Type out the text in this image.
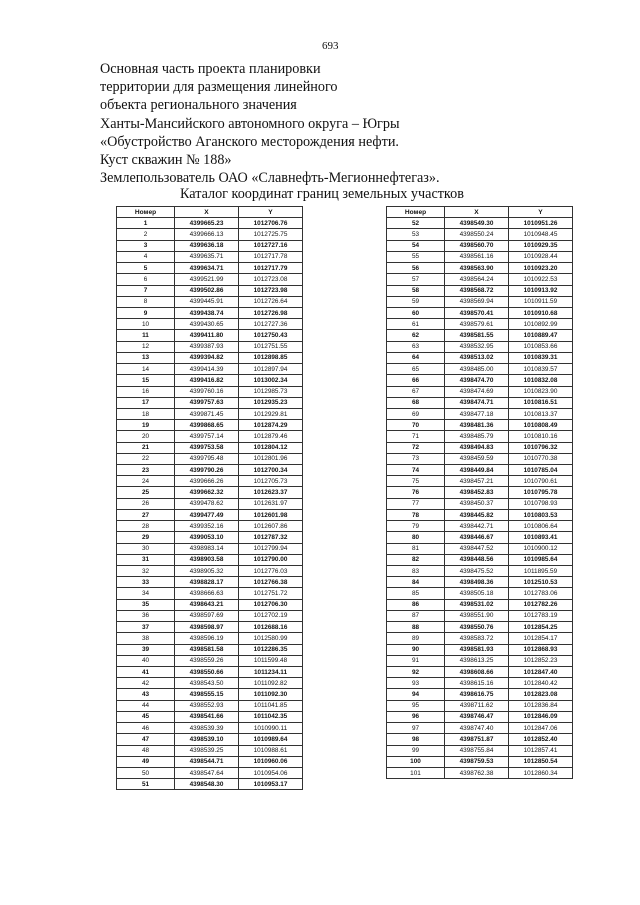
693
Основная часть проекта планировки
территории для размещения линейного
объекта регионального значения
Ханты-Мансийского автономного округа – Югры
«Обустройство Аганского месторождения нефти.
Куст скважин № 188»
Землепользователь ОАО «Славнефть-Мегионнефтегаз».
Каталог координат границ земельных участков
Номер	X	Y
1	4399665.23	1012706.76
2	4399666.13	1012725.75
3	4399636.18	1012727.16
4	4399635.71	1012717.78
5	4399634.71	1012717.79
6	4399521.99	1012723.08
7	4399502.86	1012723.98
8	4399445.91	1012726.64
9	4399438.74	1012726.98
10	4399430.65	1012727.36
11	4399411.80	1012750.43
12	4399387.93	1012751.55
13	4399394.82	1012898.85
14	4399414.39	1012897.94
15	4399416.82	1013002.34
16	4399760.16	1012985.73
17	4399757.63	1012935.23
18	4399871.45	1012929.81
19	4399868.65	1012874.29
20	4399757.14	1012879.46
21	4399753.58	1012804.12
22	4399795.48	1012801.96
23	4399790.26	1012700.34
24	4399666.26	1012705.73
25	4399662.32	1012623.37
26	4399478.62	1012631.97
27	4399477.49	1012601.98
28	4399352.16	1012607.86
29	4399053.10	1012787.32
30	4398983.14	1012799.94
31	4398903.58	1012790.00
32	4398905.32	1012776.03
33	4398828.17	1012766.38
34	4398666.63	1012751.72
35	4398643.21	1012706.30
36	4398597.69	1012702.19
37	4398598.97	1012688.16
38	4398596.19	1012580.99
39	4398581.58	1012286.35
40	4398559.26	1011599.48
41	4398550.66	1011234.11
42	4398543.50	1011092.82
43	4398555.15	1011092.30
44	4398552.93	1011041.85
45	4398541.66	1011042.35
46	4398539.39	1010990.11
47	4398539.10	1010989.64
48	4398539.25	1010988.61
49	4398544.71	1010960.06
50	4398547.64	1010954.06
51	4398548.30	1010953.17
Номер	X	Y
52	4398549.30	1010951.26
53	4398550.24	1010948.45
54	4398560.70	1010929.35
55	4398561.16	1010928.44
56	4398563.90	1010923.20
57	4398564.24	1010922.53
58	4398568.72	1010913.92
59	4398569.94	1010911.59
60	4398570.41	1010910.68
61	4398579.61	1010892.99
62	4398581.55	1010889.47
63	4398532.95	1010853.66
64	4398513.02	1010839.31
65	4398485.00	1010839.57
66	4398474.70	1010832.08
67	4398474.69	1010823.90
68	4398474.71	1010816.51
69	4398477.18	1010813.37
70	4398481.36	1010808.49
71	4398485.79	1010810.16
72	4398494.83	1010796.32
73	4398459.59	1010770.38
74	4398449.84	1010785.04
75	4398457.21	1010790.61
76	4398452.83	1010795.78
77	4398450.37	1010798.93
78	4398445.82	1010803.53
79	4398442.71	1010806.64
80	4398446.67	1010893.41
81	4398447.52	1010900.12
82	4398448.56	1010985.64
83	4398475.52	1011895.59
84	4398498.36	1012510.53
85	4398505.18	1012783.06
86	4398531.02	1012782.26
87	4398551.90	1012783.19
88	4398550.76	1012854.25
89	4398583.72	1012854.17
90	4398581.93	1012868.93
91	4398613.25	1012852.23
92	4398608.66	1012847.40
93	4398615.16	1012840.42
94	4398616.75	1012823.08
95	4398711.62	1012836.84
96	4398746.47	1012846.09
97	4398747.40	1012847.06
98	4398751.87	1012852.40
99	4398755.84	1012857.41
100	4398759.53	1012850.54
101	4398762.38	1012860.34
